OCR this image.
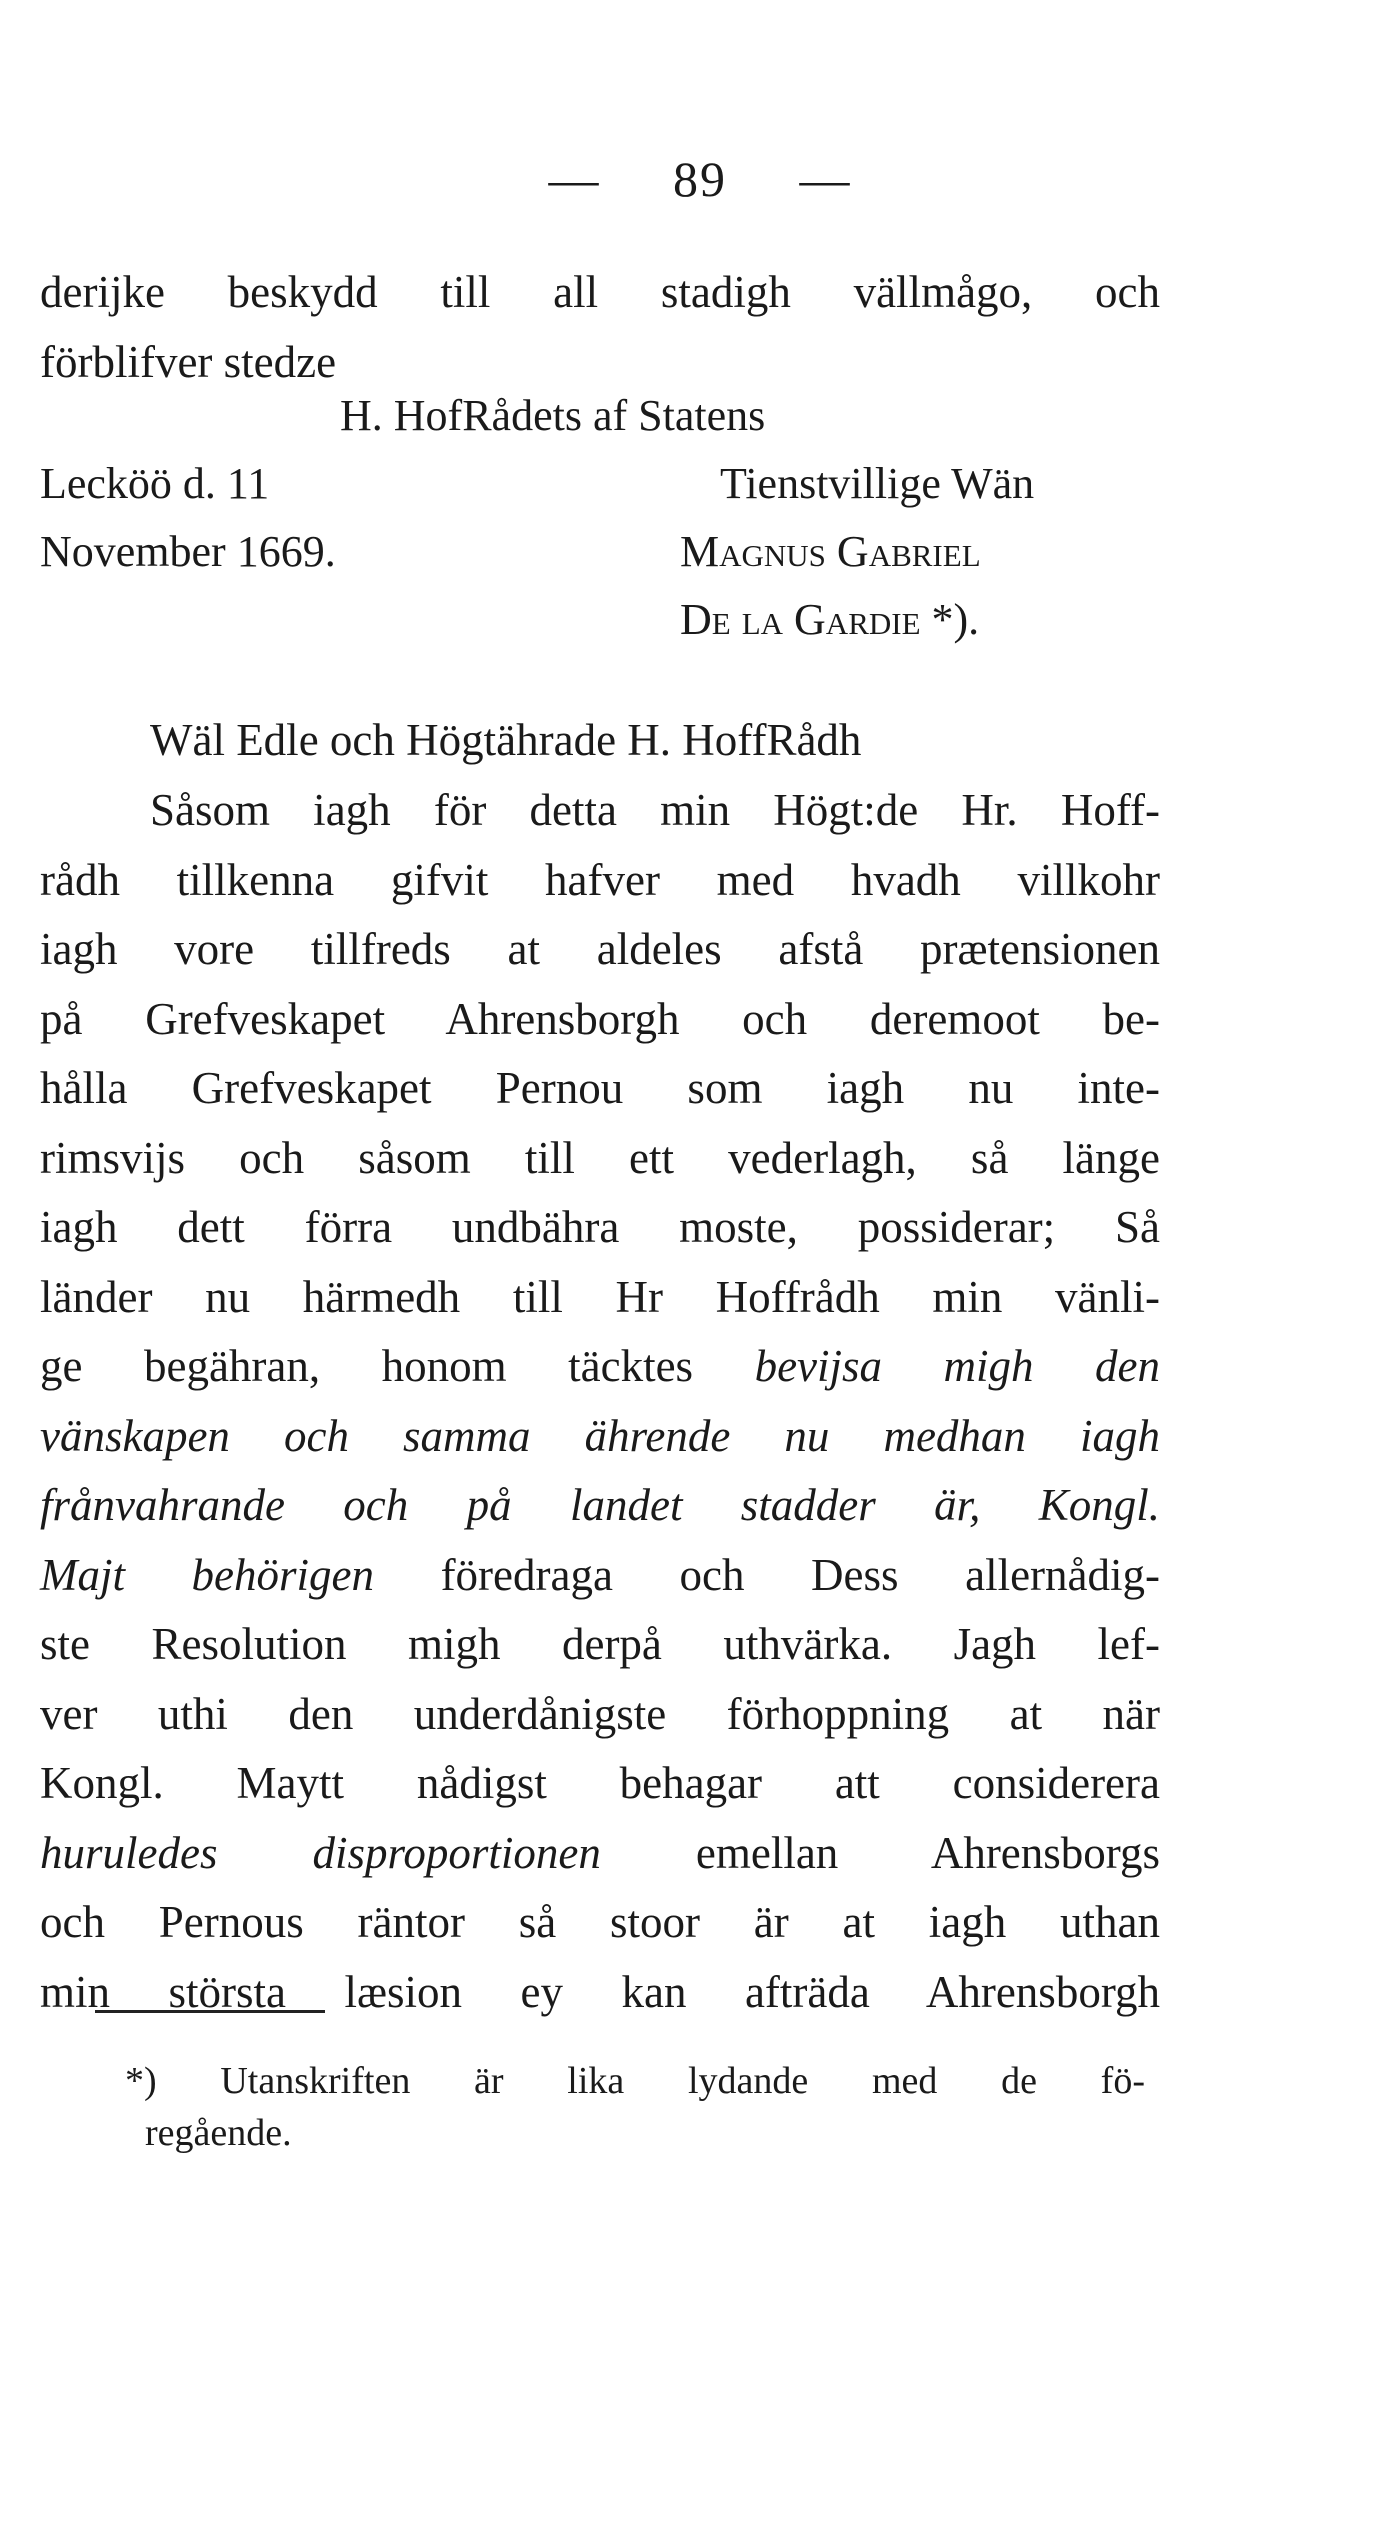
— 89 —
derijke beskydd till all stadigh vällmågo, och
förblifver stedze
H. HofRådets af Statens
Lecköö d. 11	Tienstvillige Wän
November 1669.	Magnus Gabriel
De la Gardie *).
Wäl Edle och Högtährade H. HoffRådh
Såsom iagh för detta min Högt:de Hr. Hoff-
rådh tillkenna gifvit hafver med hvadh villkohr
iagh vore tillfreds at aldeles afstå prætensionen
på Grefveskapet Ahrensborgh och deremoot be-
hålla Grefveskapet Pernou som iagh nu inte-
rimsvijs och såsom till ett vederlagh, så länge
iagh dett förra undbähra moste, possiderar; Så
länder nu härmedh till Hr Hoffrådh min vänli-
ge begähran, honom täcktes bevijsa migh den
vänskapen och samma ährende nu medhan iagh
frånvahrande och på landet stadder är, Kongl.
Majt behörigen föredraga och Dess allernådig-
ste Resolution migh derpå uthvärka. Jagh lef-
ver uthi den underdånigste förhoppning at när
Kongl. Maytt nådigst behagar att considerera
huruledes disproportionen emellan Ahrensborgs
och Pernous räntor så stoor är at iagh uthan
min största læsion ey kan afträda Ahrensborgh
*) Utanskriften är lika lydande med de fö-
regående.
